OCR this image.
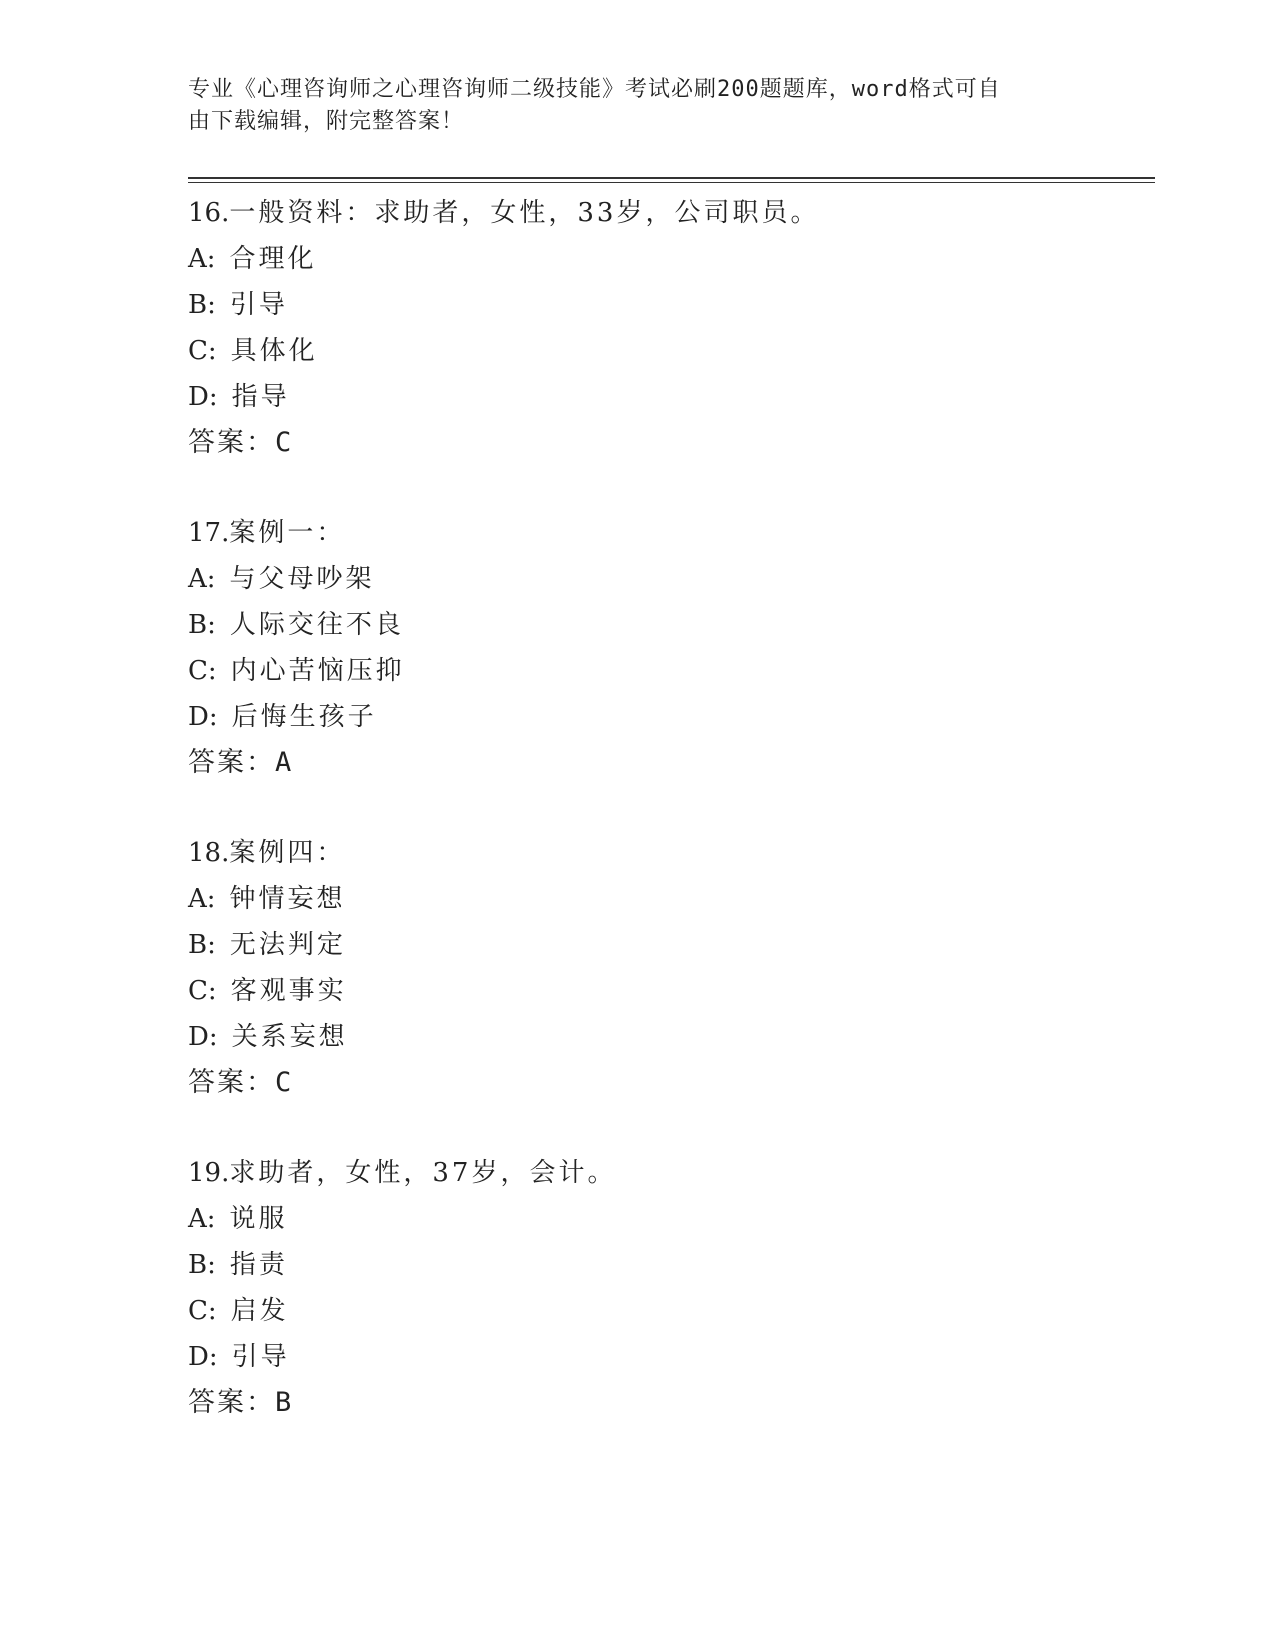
专业《心理咨询师之心理咨询师二级技能》考试必刷200题题库，word格式可自
由下载编辑，附完整答案！
16.一般资料：求助者，女性，33岁，公司职员。
A: 合理化
B: 引导
C: 具体化
D: 指导
答案：C
17.案例一：
A: 与父母吵架
B: 人际交往不良
C: 内心苦恼压抑
D: 后悔生孩子
答案：A
18.案例四：
A: 钟情妄想
B: 无法判定
C: 客观事实
D: 关系妄想
答案：C
19.求助者，女性，37岁，会计。
A: 说服
B: 指责
C: 启发
D: 引导
答案：B
